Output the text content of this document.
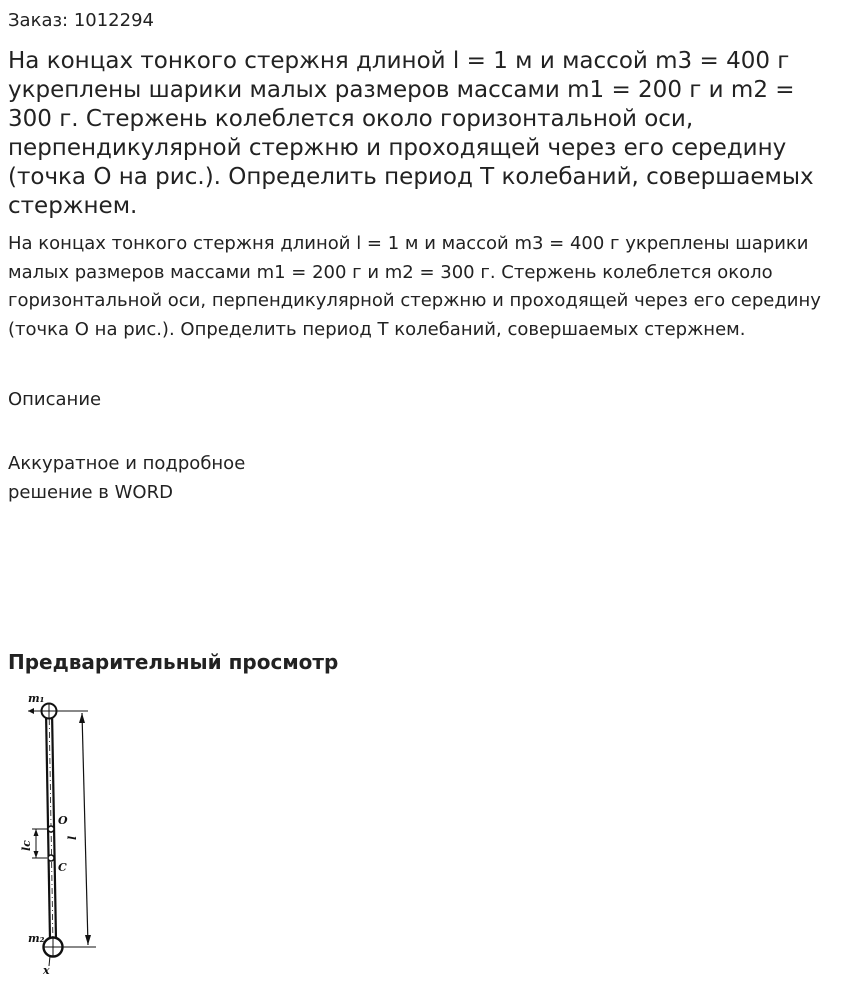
Заказ: 1012294
На концах тонкого стержня длиной l = 1 м и массой m3 = 400 г укреплены шарики малых размеров массами m1 = 200 г и m2 = 300 г. Стержень колеблется около горизонтальной оси, перпендикулярной стержню и проходящей через его середину (точка O на рис.). Определить период T колебаний, совершаемых стержнем.

На концах тонкого стержня длиной l = 1 м и массой m3 = 400 г укреплены шарики малых размеров массами m1 = 200 г и m2 = 300 г. Стержень колеблется около горизонтальной оси, перпендикулярной стержню и проходящей через его середину (точка O на рис.). Определить период T колебаний, совершаемых стержнем.

Описание

Аккуратное и подробное
решение в WORD

Предварительный просмотр
m₁
m₂
O
C
x
l
lc
